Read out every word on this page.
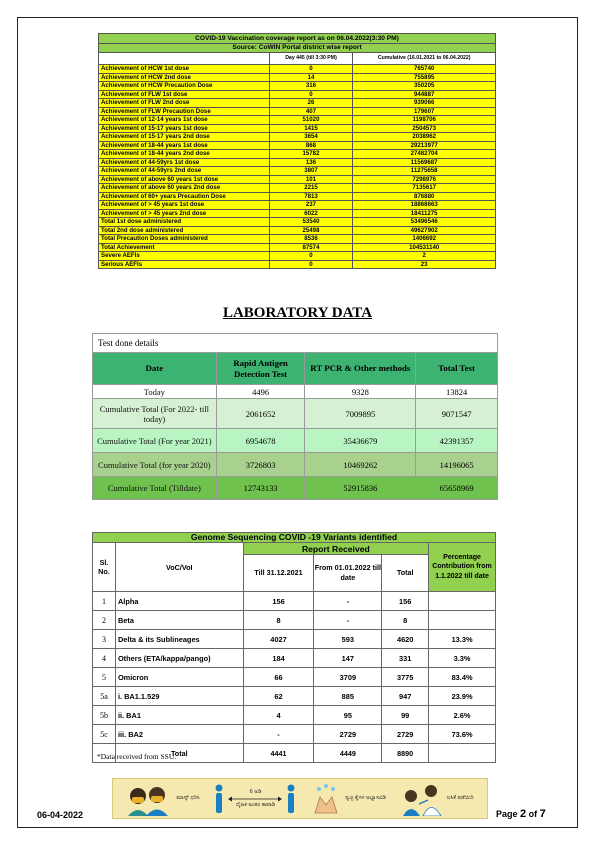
COVID-19 Vaccination coverage report as on 06.04.2022(3:30 PM)		
Source: CoWIN Portal district wise report		
	Day 445 (till 3:30 PM)	Cumulative (16.01.2021 to 06.04.2022)
Achievement of HCW 1st dose	0	765740
Achievement of HCW 2nd dose	14	755895
Achievement of HCW Precaution Dose	316	350205
Achievement of FLW 1st dose	0	944887
Achievement of FLW 2nd dose	26	939066
Achievement of FLW Precaution Dose	407	179607
Achievement of 12-14 years 1st dose	51020	1198706
Achievement of 15-17 years 1st dose	1415	2504573
Achievement of 15-17 years 2nd dose	3654	2038962
Achievement of 18-44 years 1st dose	868	29213977
Achievement of 18-44 years 2nd dose	15782	27482704
Achievement of 44-59yrs 1st dose	136	11569687
Achievement of 44-59yrs 2nd dose	3807	11275658
Achievement of above 60 years 1st dose	101	7298976
Achievement of above 60 years 2nd dose	2215	7135617
Achievement of 60+ years Precaution Dose	7813	876880
Achievement of > 45 years 1st dose	237	18868663
Achievement of > 45 years 2nd dose	6022	18411275
Total 1st dose administered	53540	53496546
Total 2nd dose administered	25498	49627902
Total Precaution Doses administered	8536	1406692
Total Achievement	87574	104531140
Severe AEFIs	0	2
Serious AEFIs	0	23
LABORATORY DATA
Test done details			
Date	Rapid Antigen Detection Test	RT PCR & Other methods	Total Test
Today	4496	9328	13824
Cumulative Total (For 2022- till today)	2061652	7009895	9071547
Cumulative Total (For year 2021)	6954678	35436679	42391357
Cumulative Total (for year 2020)	3726803	10469262	14196065
Cumulative Total (Tilldate)	12743133	52915836	65658969
Genome Sequencing COVID -19 Variants identified					
Sl. No.	VoC/VoI	Report Received			Percentage Contribution from 1.1.2022 till date
		Till 31.12.2021	From 01.01.2022 till date	Total	
1	Alpha	156	-	156	
2	Beta	8	-	8	
3	Delta & its Sublineages	4027	593	4620	13.3%
4	Others (ETA/kappa/pango)	184	147	331	3.3%
5	Omicron	66	3709	3775	83.4%
5a	i. BA1.1.529	62	885	947	23.9%
5b	ii. BA1	4	95	99	2.6%
5c	iii. BA2	-	2729	2729	73.6%
	Total	4441	4449	8890	
*Data received from SSU.
06-04-2022
ಮಾಸ್ಕ್ ಧರಿಸಿ
6 ಅಡಿ
ದೈಹಿಕ ಅಂತರ ಕಾಪಾಡಿ
ಸ್ವಚ್ಛ ಕೈಗಳ ಅಭ್ಯಾಸವಿಡಿ	ಲಸಿಕೆ ಪಡೆಯಿರಿ
Page 2 of 7
